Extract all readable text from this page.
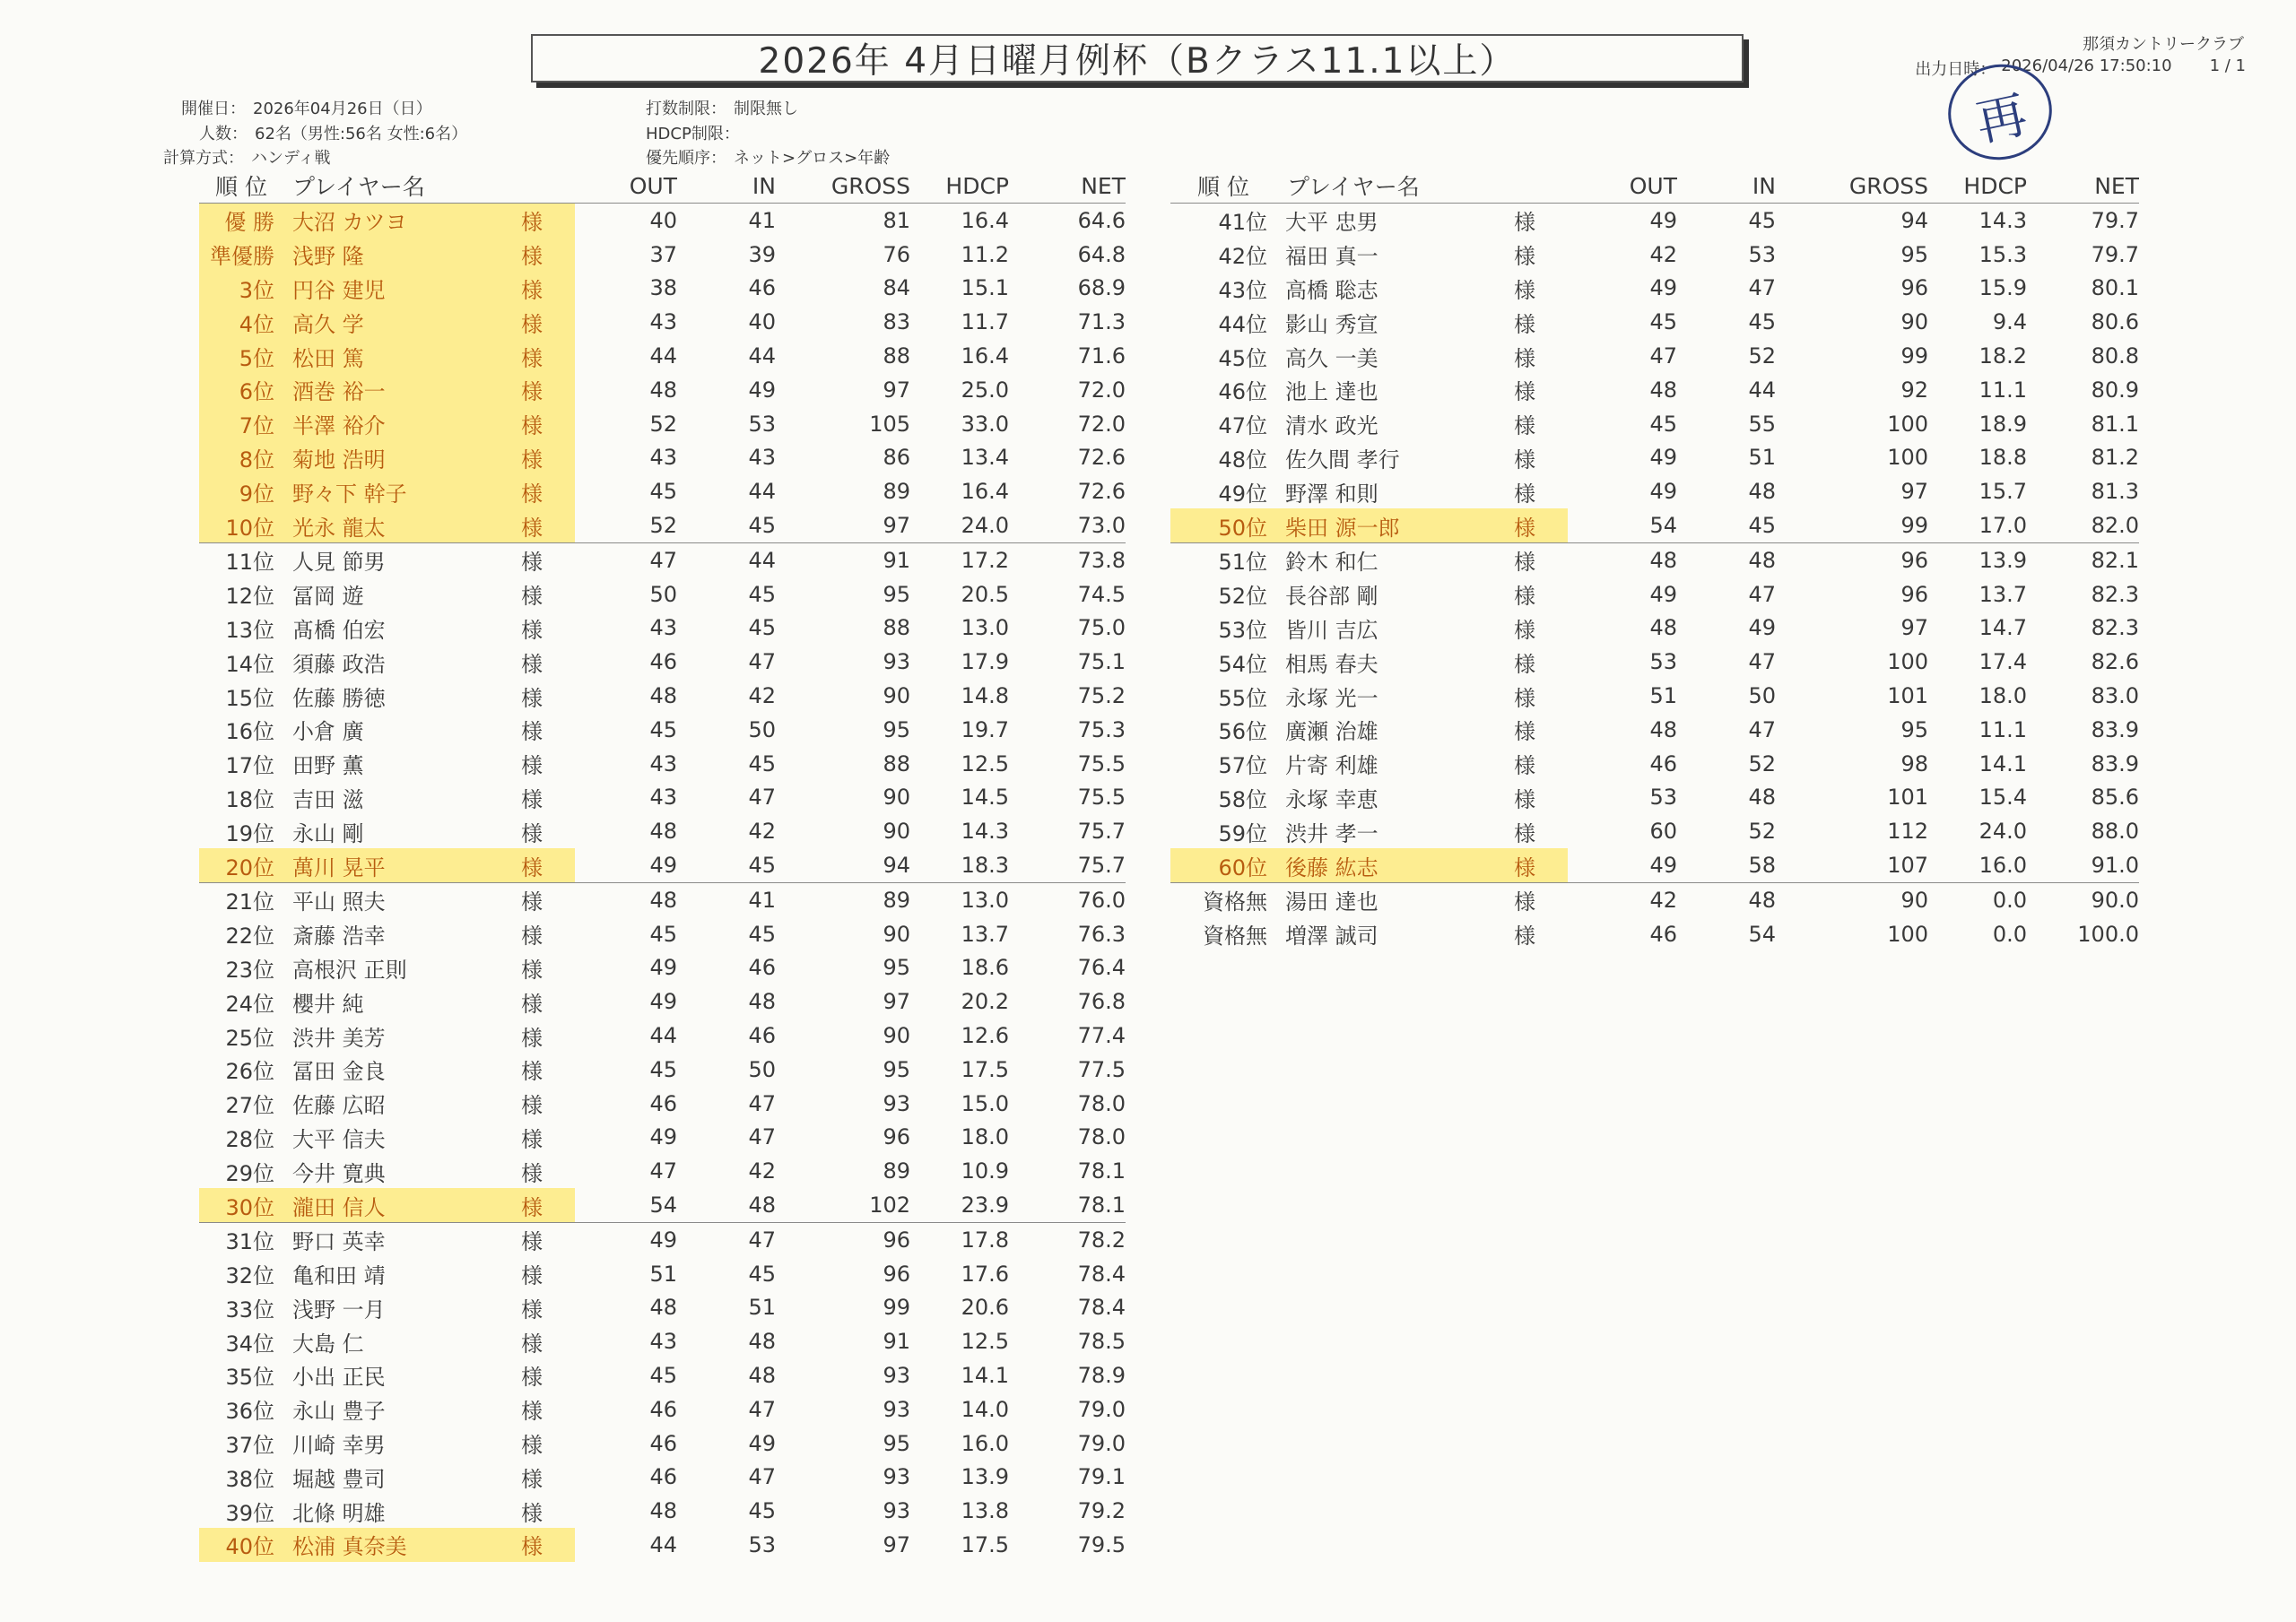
2026年 4月日曜月例杯（Bクラス11.1以上）	那須カントリークラブ
出力日時： 2026/04/26 17:50:10 1 / 1
再
開催日： 2026年04月26日（日）
人数： 62名（男性:56名 女性:6名）
計算方式： ハンディ戦
打数制限： 制限無し
HDCP制限：
優先順序： ネット>グロス>年齢
順 位	プレイヤー名		OUT	IN	GROSS	HDCP	NET
優 勝	大沼 カツヨ	様	40	41	81	16.4	64.6
準優勝	浅野 隆	様	37	39	76	11.2	64.8
3位	円谷 建児	様	38	46	84	15.1	68.9
4位	高久 学	様	43	40	83	11.7	71.3
5位	松田 篤	様	44	44	88	16.4	71.6
6位	酒巻 裕一	様	48	49	97	25.0	72.0
7位	半澤 裕介	様	52	53	105	33.0	72.0
8位	菊地 浩明	様	43	43	86	13.4	72.6
9位	野々下 幹子	様	45	44	89	16.4	72.6
10位	光永 龍太	様	52	45	97	24.0	73.0
11位	人見 節男	様	47	44	91	17.2	73.8
12位	冨岡 遊	様	50	45	95	20.5	74.5
13位	髙橋 伯宏	様	43	45	88	13.0	75.0
14位	須藤 政浩	様	46	47	93	17.9	75.1
15位	佐藤 勝徳	様	48	42	90	14.8	75.2
16位	小倉 廣	様	45	50	95	19.7	75.3
17位	田野 薫	様	43	45	88	12.5	75.5
18位	吉田 滋	様	43	47	90	14.5	75.5
19位	永山 剛	様	48	42	90	14.3	75.7
20位	萬川 晃平	様	49	45	94	18.3	75.7
21位	平山 照夫	様	48	41	89	13.0	76.0
22位	斎藤 浩幸	様	45	45	90	13.7	76.3
23位	高根沢 正則	様	49	46	95	18.6	76.4
24位	櫻井 純	様	49	48	97	20.2	76.8
25位	渋井 美芳	様	44	46	90	12.6	77.4
26位	冨田 金良	様	45	50	95	17.5	77.5
27位	佐藤 広昭	様	46	47	93	15.0	78.0
28位	大平 信夫	様	49	47	96	18.0	78.0
29位	今井 寛典	様	47	42	89	10.9	78.1
30位	瀧田 信人	様	54	48	102	23.9	78.1
31位	野口 英幸	様	49	47	96	17.8	78.2
32位	亀和田 靖	様	51	45	96	17.6	78.4
33位	浅野 一月	様	48	51	99	20.6	78.4
34位	大島 仁	様	43	48	91	12.5	78.5
35位	小出 正民	様	45	48	93	14.1	78.9
36位	永山 豊子	様	46	47	93	14.0	79.0
37位	川崎 幸男	様	46	49	95	16.0	79.0
38位	堀越 豊司	様	46	47	93	13.9	79.1
39位	北條 明雄	様	48	45	93	13.8	79.2
40位	松浦 真奈美	様	44	53	97	17.5	79.5
順 位	プレイヤー名		OUT	IN	GROSS	HDCP	NET
41位	大平 忠男	様	49	45	94	14.3	79.7
42位	福田 真一	様	42	53	95	15.3	79.7
43位	高橋 聡志	様	49	47	96	15.9	80.1
44位	影山 秀宣	様	45	45	90	9.4	80.6
45位	高久 一美	様	47	52	99	18.2	80.8
46位	池上 達也	様	48	44	92	11.1	80.9
47位	清水 政光	様	45	55	100	18.9	81.1
48位	佐久間 孝行	様	49	51	100	18.8	81.2
49位	野澤 和則	様	49	48	97	15.7	81.3
50位	柴田 源一郎	様	54	45	99	17.0	82.0
51位	鈴木 和仁	様	48	48	96	13.9	82.1
52位	長谷部 剛	様	49	47	96	13.7	82.3
53位	皆川 吉広	様	48	49	97	14.7	82.3
54位	相馬 春夫	様	53	47	100	17.4	82.6
55位	永塚 光一	様	51	50	101	18.0	83.0
56位	廣瀬 治雄	様	48	47	95	11.1	83.9
57位	片寄 利雄	様	46	52	98	14.1	83.9
58位	永塚 幸恵	様	53	48	101	15.4	85.6
59位	渋井 孝一	様	60	52	112	24.0	88.0
60位	後藤 紘志	様	49	58	107	16.0	91.0
資格無	湯田 達也	様	42	48	90	0.0	90.0
資格無	増澤 誠司	様	46	54	100	0.0	100.0
